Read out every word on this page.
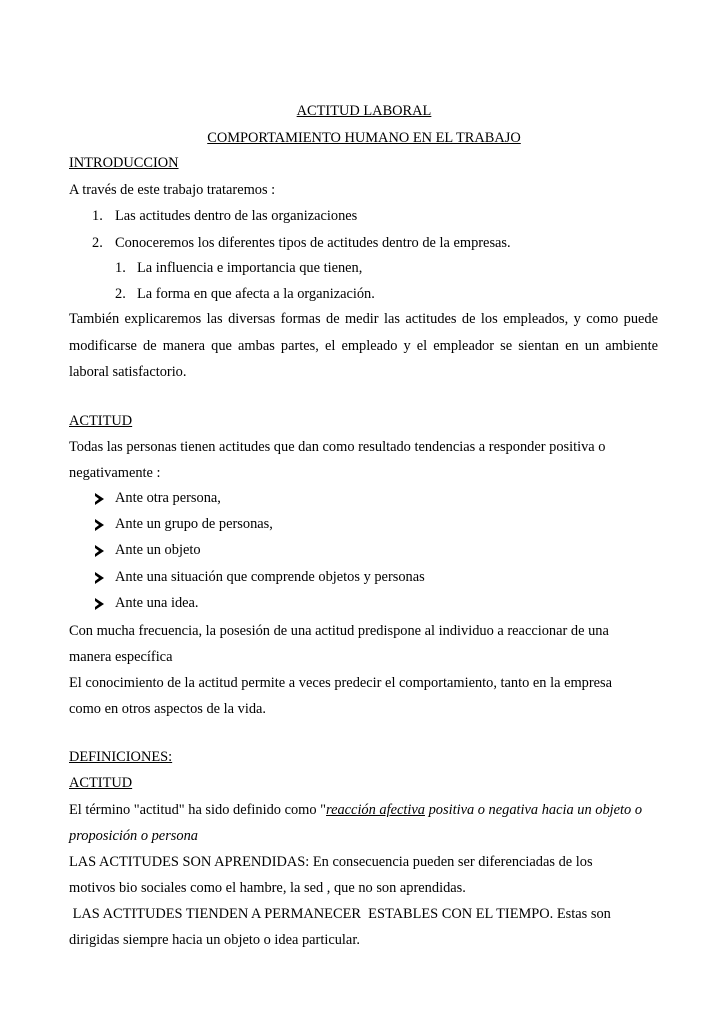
ACTITUD LABORAL
COMPORTAMIENTO HUMANO EN EL TRABAJO
INTRODUCCION
A través de este trabajo trataremos :
1. Las actitudes dentro de las organizaciones
2. Conoceremos los diferentes tipos de actitudes dentro de la empresas.
1. La influencia e importancia que tienen,
2. La forma en que afecta a la organización.
También explicaremos las diversas formas de medir las actitudes de los empleados, y como puede
modificarse de manera que ambas partes, el empleado y el empleador se sientan en un ambiente
laboral satisfactorio.
ACTITUD
Todas las personas tienen actitudes que dan como resultado tendencias a responder positiva o
negativamente :
Ante otra persona,
Ante un grupo de personas,
Ante un objeto
Ante una situación que comprende objetos y personas
Ante una idea.
Con mucha frecuencia, la posesión de una actitud predispone al individuo a reaccionar de una
manera específica
El conocimiento de la actitud permite a veces predecir el comportamiento, tanto en la empresa
como en otros aspectos de la vida.
DEFINICIONES:
ACTITUD
El término "actitud" ha sido definido como "reacción afectiva positiva o negativa hacia un objeto o
proposición o persona
LAS ACTITUDES SON APRENDIDAS: En consecuencia pueden ser diferenciadas de los
motivos bio sociales como el hambre, la sed , que no son aprendidas.
LAS ACTITUDES TIENDEN A PERMANECER  ESTABLES CON EL TIEMPO. Estas son
dirigidas siempre hacia un objeto o idea particular.
